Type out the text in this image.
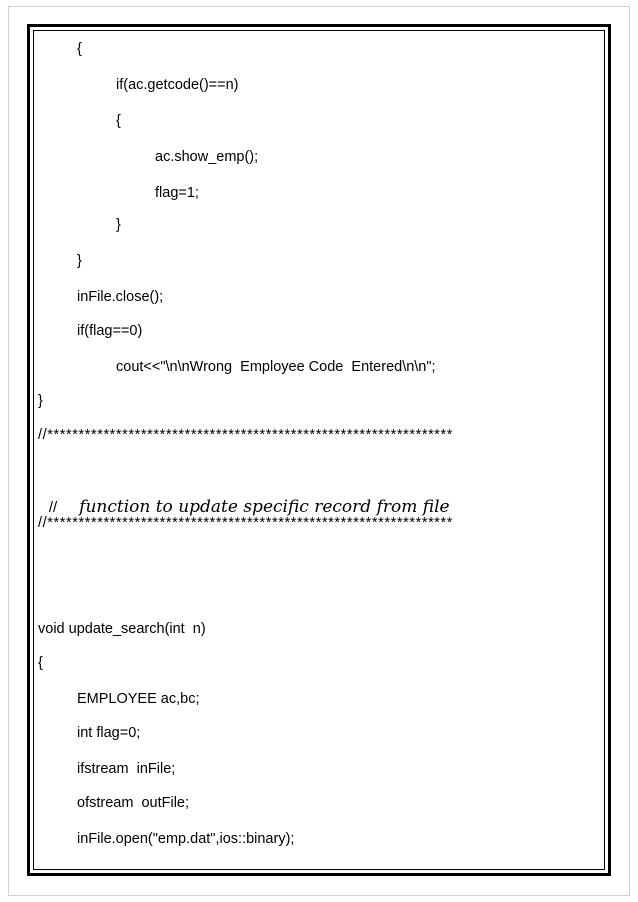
{
if(ac.getcode()==n)
{
ac.show_emp();
flag=1;
}
}
inFile.close();
if(flag==0)
cout<<"\n\nWrong  Employee Code  Entered\n\n";
}
//*****************************************************************

// function to update specific record from file

//*****************************************************************
void update_search(int  n)
{
EMPLOYEE ac,bc;
int flag=0;
ifstream  inFile;
ofstream  outFile;
inFile.open("emp.dat",ios::binary);
